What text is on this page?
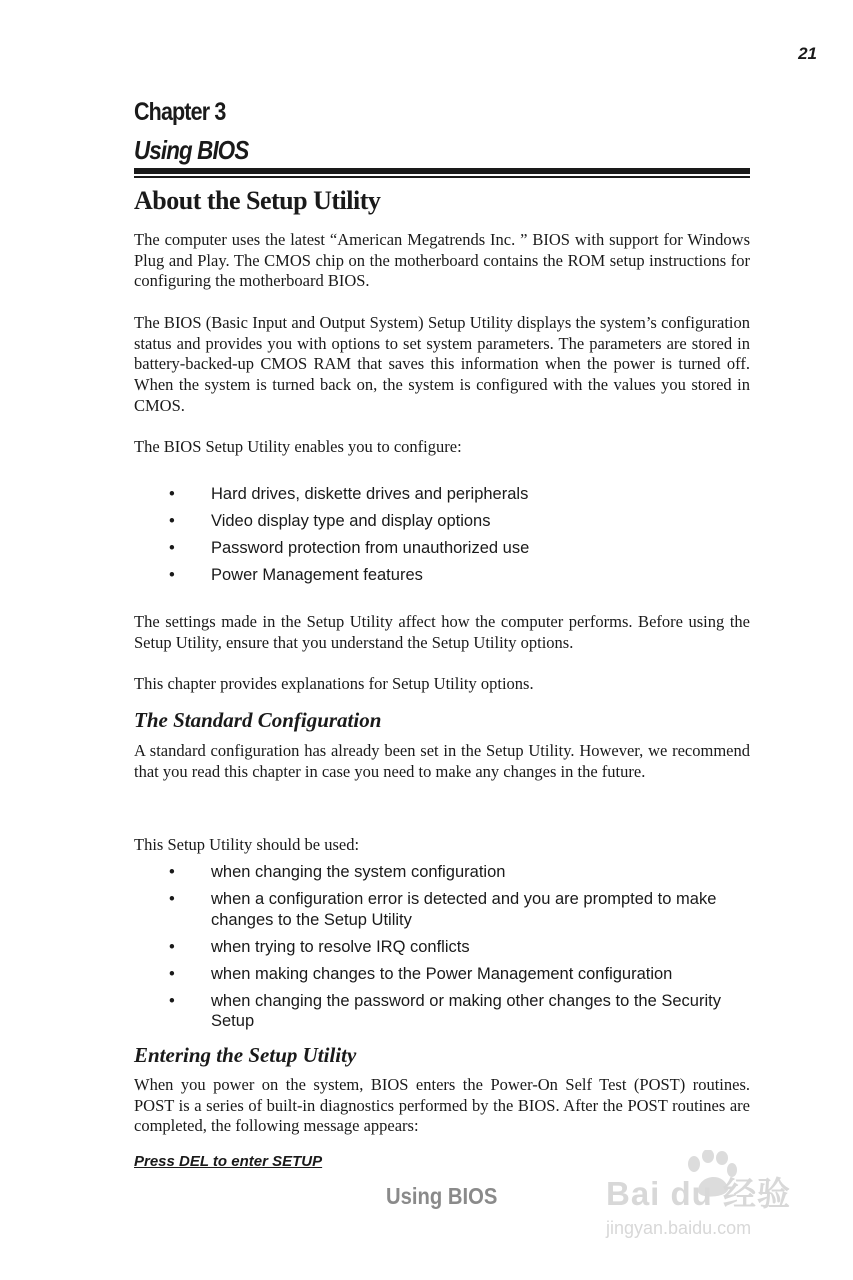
21
Chapter 3
Using BIOS
About the Setup Utility

The computer uses the latest “American Megatrends Inc. ” BIOS with support for Windows Plug and Play. The CMOS chip on the motherboard contains the ROM setup instructions for configuring the motherboard BIOS.

The BIOS (Basic Input and Output System) Setup Utility displays the system’s configuration status and provides you with options to set system parameters. The parameters are stored in battery-backed-up CMOS RAM that saves this information when the power is turned off. When the system is turned back on, the system is configured with the values you stored in CMOS.

The BIOS Setup Utility enables you to configure:

• Hard drives, diskette drives and peripherals
• Video display type and display options
• Password protection from unauthorized use
• Power Management features

The settings made in the Setup Utility affect how the computer performs. Before using the Setup Utility, ensure that you understand the Setup Utility options.

This chapter provides explanations for Setup Utility options.

The Standard Configuration

A standard configuration has already been set in the Setup Utility. However, we recommend that you read this chapter in case you need to make any changes in the future.

This Setup Utility should be used:

• when changing the system configuration
• when a configuration error is detected and you are prompted to make changes to the Setup Utility
• when trying to resolve IRQ conflicts
• when making changes to the Power Management configuration
• when changing the password or making other changes to the Security Setup
Entering the Setup Utility

When you power on the system, BIOS enters the Power-On Self Test (POST) routines. POST is a series of built-in diagnostics performed by the BIOS. After the POST routines are completed, the following message appears:

Press DEL to enter SETUP
Using BIOS	Bai du 经验
jingyan.baidu.com
